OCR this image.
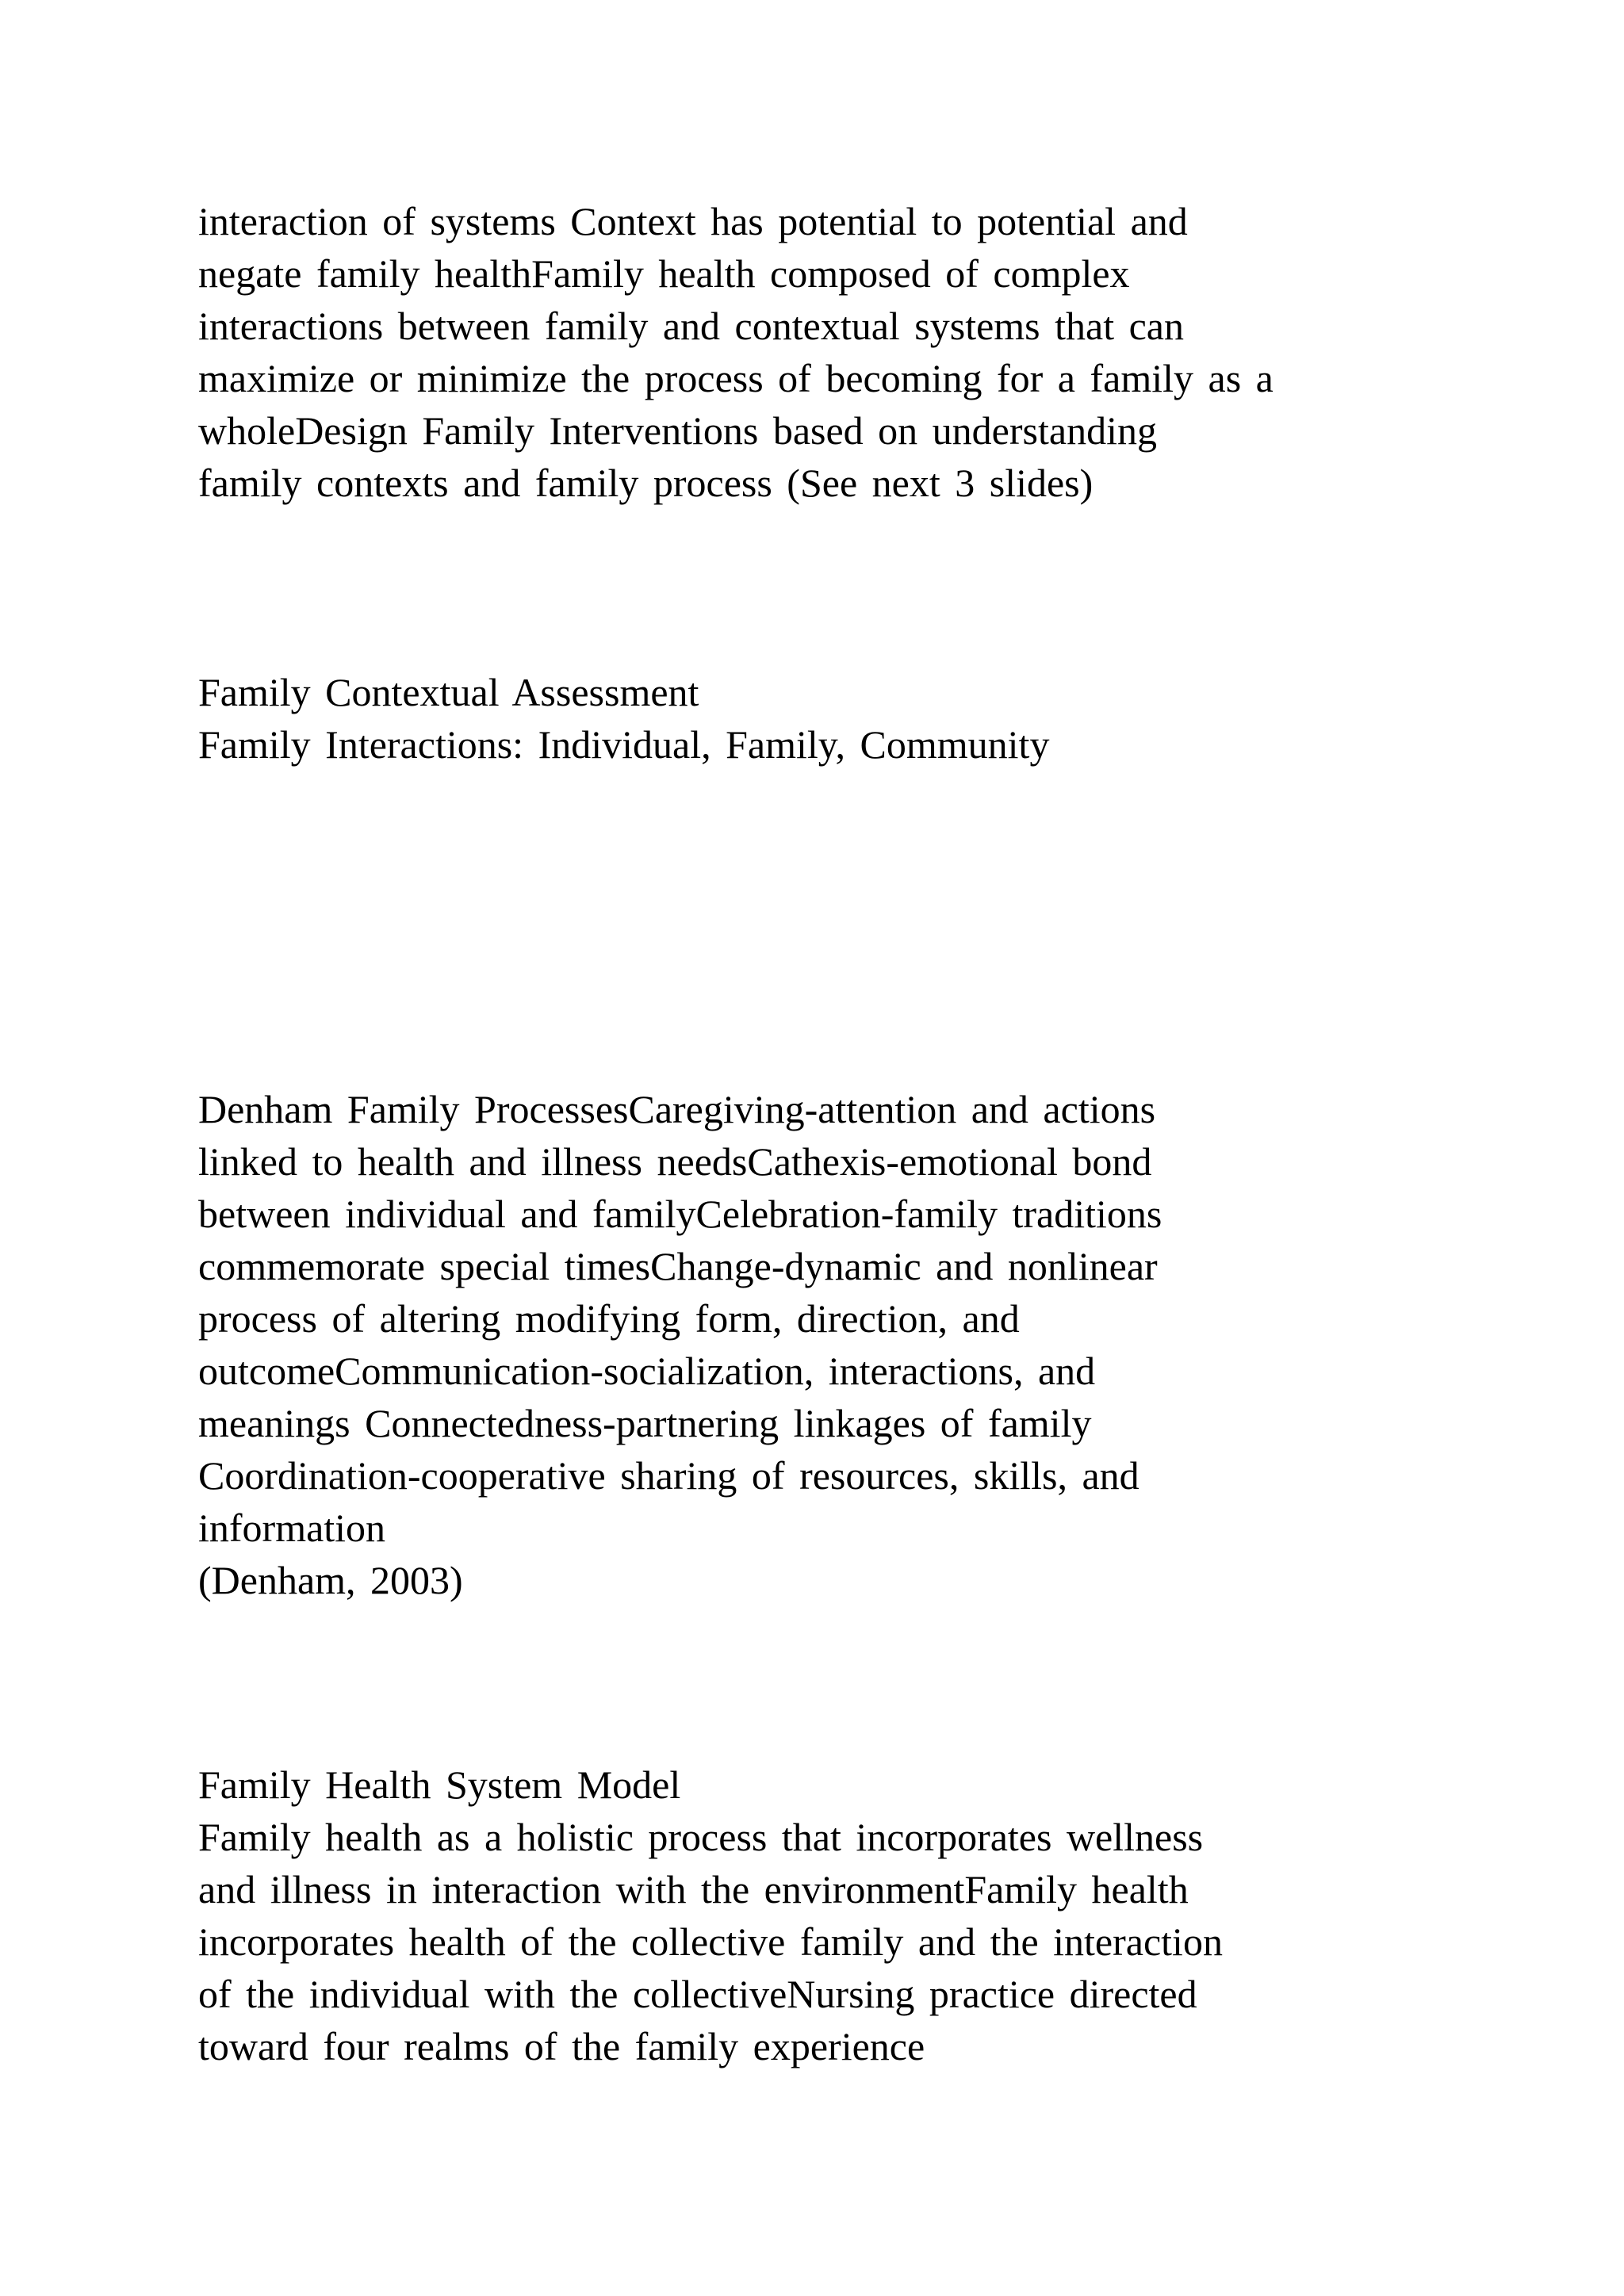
interaction of systems Context has potential to potential and
negate family healthFamily health composed of complex
interactions between family and contextual systems that can
maximize or minimize the process of becoming for a family as a
wholeDesign Family Interventions based on understanding
family contexts and family process (See next 3 slides)
Family Contextual Assessment
Family Interactions: Individual, Family, Community
Denham Family ProcessesCaregiving-attention and actions
linked to health and illness needsCathexis-emotional bond
between individual and familyCelebration-family traditions
commemorate special timesChange-dynamic and nonlinear
process of altering modifying form, direction, and
outcomeCommunication-socialization, interactions, and
meanings Connectedness-partnering linkages of family
Coordination-cooperative sharing of resources, skills, and
information
(Denham, 2003)
Family Health System Model
Family health as a holistic process that incorporates wellness
and illness in interaction with the environmentFamily health
incorporates health of the collective family and the interaction
of the individual with the collectiveNursing practice directed
toward four realms of the family experience
